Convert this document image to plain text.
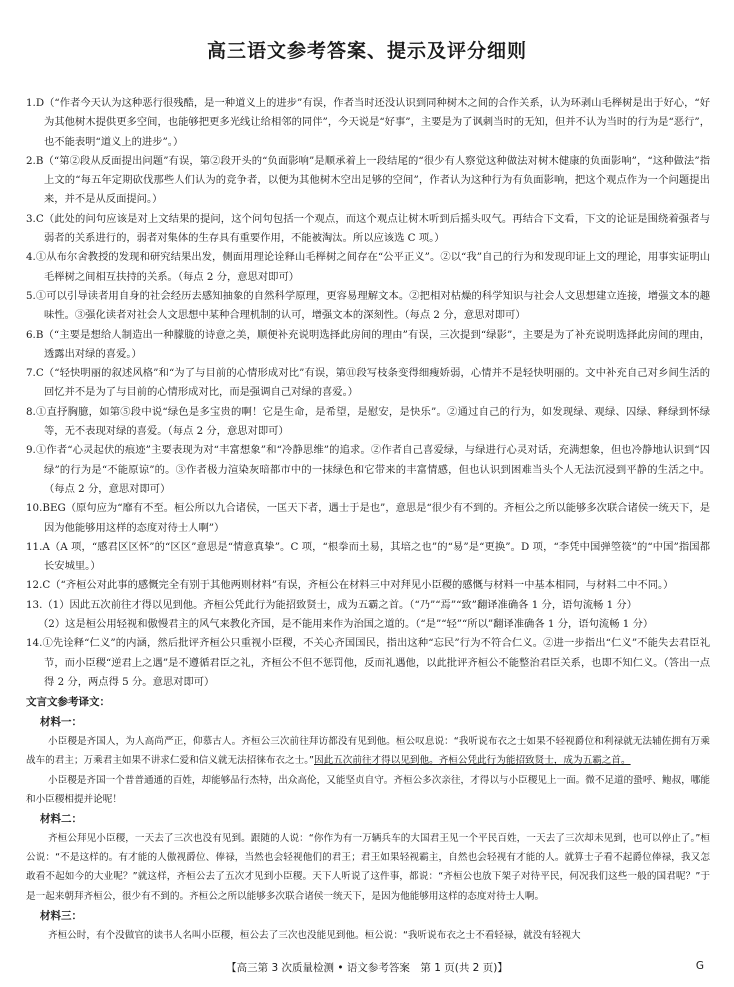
高三语文参考答案、提示及评分细则

1.D（“作者今天认为这种恶行很残酷，是一种道义上的进步”有误，作者当时还没认识到同种树木之间的合作关系，认为环剥山毛榉树是出于好心，“好为其他树木提供更多空间，也能够把更多光线让给相邻的同伴”，今天说是“好事”，主要是为了讽刺当时的无知，但并不认为当时的行为是“恶行”，也不能表明“道义上的进步”。）

2.B（“第②段从反面提出问题”有误，第②段开头的“负面影响”是顺承着上一段结尾的“很少有人察觉这种做法对树木健康的负面影响”，“这种做法”指上文的“每五年定期砍伐那些人们认为的竞争者，以便为其他树木空出足够的空间”，作者认为这种行为有负面影响，把这个观点作为一个问题提出来，并不是从反面提问。）

3.C（此处的问句应该是对上文结果的提问，这个问句包括一个观点，而这个观点让树木听到后摇头叹气。再结合下文看，下文的论证是围绕着强者与弱者的关系进行的，弱者对集体的生存具有重要作用，不能被淘汰。所以应该选 C 项。）

4.①从布尔舍教授的发现和研究结果出发，侧面用理论诠释山毛榉树之间存在“公平正义”。②以“我”自己的行为和发现印证上文的理论，用事实证明山毛榉树之间相互扶持的关系。（每点 2 分，意思对即可）

5.①可以引导读者用自身的社会经历去感知抽象的自然科学原理，更容易理解文本。②把相对枯燥的科学知识与社会人文思想建立连接，增强文本的趣味性。③强化读者对社会人文思想中某种合理机制的认可，增强文本的深刻性。（每点 2 分，意思对即可）

6.B（“主要是想给人制造出一种朦胧的诗意之美，顺便补充说明选择此房间的理由”有误，三次提到“绿影”，主要是为了补充说明选择此房间的理由，透露出对绿的喜爱。）

7.C（“轻快明丽的叙述风格”和“为了与目前的心情形成对比”有误，第⑪段写枝条变得细瘦娇弱，心情并不是轻快明丽的。文中补充自己对乡间生活的回忆并不是为了与目前的心情形成对比，而是强调自己对绿的喜爱。）

8.①直抒胸臆，如第⑤段中说“绿色是多宝贵的啊！它是生命，是希望，是慰安，是快乐”。②通过自己的行为，如发现绿、观绿、囚绿、释绿到怀绿等，无不表现对绿的喜爱。（每点 2 分，意思对即可）

9.①作者“心灵起伏的痕迹”主要表现为对“丰富想象”和“冷静思维”的追求。②作者自己喜爱绿，与绿进行心灵对话，充满想象，但也冷静地认识到“囚绿”的行为是“不能原谅”的。③作者极力渲染灰暗都市中的一抹绿色和它带来的丰富情感，但也认识到困难当头个人无法沉浸到平静的生活之中。（每点 2 分，意思对即可）

10.BEG（原句应为“靡有不至。桓公所以九合诸侯，一匡天下者，遇士于是也”，意思是“很少有不到的。齐桓公之所以能够多次联合诸侯一统天下，是因为他能够用这样的态度对待士人啊”）

11.A（A 项，“感君区区怀”的“区区”意思是“情意真挚”。C 项，“根拳而土易，其培之也”的“易”是“更换”。D 项，“李凭中国弹箜篌”的“中国”指国都长安城里。）

12.C（“齐桓公对此事的感慨完全有别于其他两则材料”有误，齐桓公在材料三中对拜见小臣稷的感慨与材料一中基本相同，与材料二中不同。）

13.（1）因此五次前往才得以见到他。齐桓公凭此行为能招致贤士，成为五霸之首。（“乃”“焉”“致”翻译准确各 1 分，语句流畅 1 分）

（2）这是桓公用轻视和傲慢君主的风气来教化齐国，是不能用来作为治国之道的。（“是”“轻”“所以”翻译准确各 1 分，语句流畅 1 分）

14.①先诠释“仁义”的内涵，然后批评齐桓公只重视小臣稷，不关心齐国国民，指出这种“忘民”行为不符合仁义。②进一步指出“仁义”不能失去君臣礼节，而小臣稷“逆君上之遇”是不遵循君臣之礼，齐桓公不但不惩罚他，反而礼遇他，以此批评齐桓公不能整治君臣关系，也即不知仁义。（答出一点得 2 分，两点得 5 分。意思对即可）

文言文参考译文：

材料一：

小臣稷是齐国人，为人高尚严正，仰慕古人。齐桓公三次前往拜访都没有见到他。桓公叹息说：“我听说布衣之士如果不轻视爵位和利禄就无法辅佐拥有万乘战车的君主；万乘君主如果不讲求仁爱和信义就无法招徕布衣之士。”因此五次前往才得以见到他。齐桓公凭此行为能招致贤士，成为五霸之首。

小臣稷是齐国一个普普通通的百姓，却能够品行杰特，出众高伦，又能坚贞自守。齐桓公多次亲往，才得以与小臣稷见上一面。微不足道的蛩呼、鲍叔，哪能和小臣稷相提并论呢！

材料二：

齐桓公拜见小臣稷，一天去了三次也没有见到。跟随的人说：“你作为有一万辆兵车的大国君王见一个平民百姓，一天去了三次却未见到，也可以停止了。”桓公说：“不是这样的。有才能的人傲视爵位、俸禄，当然也会轻视他们的君王；君王如果轻视霸主，自然也会轻视有才能的人。就算士子看不起爵位俸禄，我又怎敢看不起如今的大业呢？”就这样，齐桓公去了五次才见到小臣稷。天下人听说了这件事，都说：“齐桓公也放下架子对待平民，何况我们这些一般的国君呢？”于是一起来朝拜齐桓公，很少有不到的。齐桓公之所以能够多次联合诸侯一统天下，是因为他能够用这样的态度对待士人啊。

材料三：

齐桓公时，有个没做官的读书人名叫小臣稷，桓公去了三次也没能见到他。桓公说：“我听说布衣之士不看轻禄，就没有轻视大

【高三第 3 次质量检测 • 语文参考答案　第 1 页(共 2 页)】	G
